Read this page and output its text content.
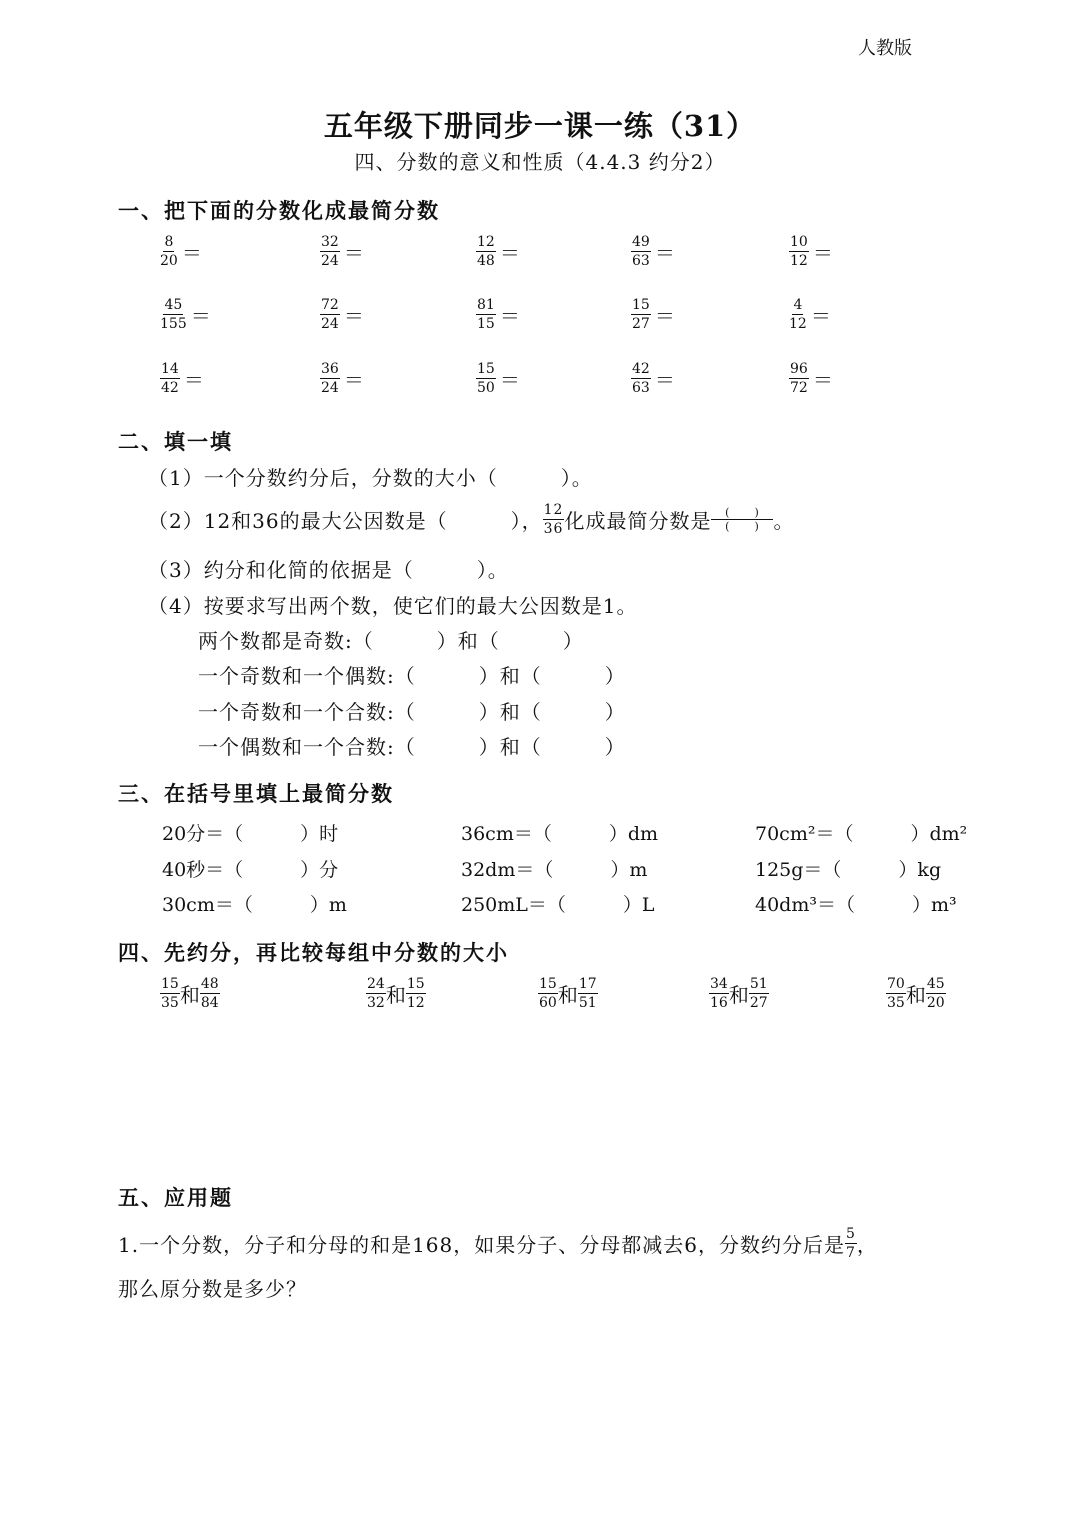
人教版
五年级下册同步一课一练（31）
四、分数的意义和性质（4.4.3 约分2）
一、把下面的分数化成最简分数
$\frac{8}{20}$ ＝	$\frac{32}{24}$ ＝	$\frac{12}{48}$ ＝	$\frac{49}{63}$ ＝	$\frac{10}{12}$ ＝
$\frac{45}{155}$ ＝	$\frac{72}{24}$ ＝	$\frac{81}{15}$ ＝	$\frac{15}{27}$ ＝	$\frac{4}{12}$ ＝
$\frac{14}{42}$ ＝	$\frac{36}{24}$ ＝	$\frac{15}{50}$ ＝	$\frac{42}{63}$ ＝	$\frac{96}{72}$ ＝
二、填一填
（1）一个分数约分后，分数的大小（　　　）。
（2）12和36的最大公因数是（　　　）， $\frac{12}{36}$ 化成最简分数是 $\frac{( )}{( )}$ 。
（3）约分和化简的依据是（　　　）。
（4）按要求写出两个数，使它们的最大公因数是1。
两个数都是奇数:（　　　）和（　　　）
一个奇数和一个偶数:（　　　）和（　　　）
一个奇数和一个合数:（　　　）和（　　　）
一个偶数和一个合数:（　　　）和（　　　）
三、在括号里填上最简分数
20分＝（　　　）时	36cm＝（　　　）dm	70cm²＝（　　　）dm²
40秒＝（　　　）分	32dm＝（　　　）m	125g＝（　　　）kg
30cm＝（　　　）m	250mL＝（　　　）L	40dm³＝（　　　）m³
四、先约分，再比较每组中分数的大小
$\frac{15}{35}$ 和 $\frac{48}{84}$	$\frac{24}{32}$ 和 $\frac{15}{12}$	$\frac{15}{60}$ 和 $\frac{17}{51}$	$\frac{34}{16}$ 和 $\frac{51}{27}$	$\frac{70}{35}$ 和 $\frac{45}{20}$
五、应用题
1.一个分数，分子和分母的和是168，如果分子、分母都减去6，分数约分后是 $\frac{5}{7}$ ，
那么原分数是多少？
